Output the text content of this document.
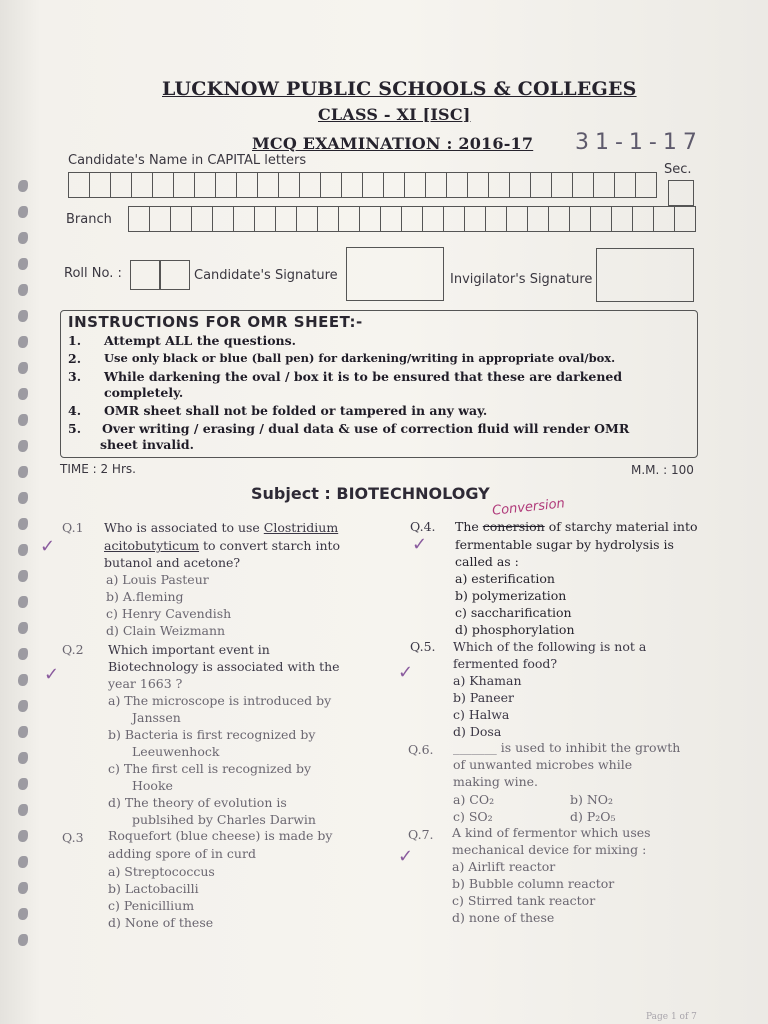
LUCKNOW PUBLIC SCHOOLS & COLLEGES
CLASS - XI [ISC]
MCQ EXAMINATION : 2016-17 31-1-17
Candidate's Name in CAPITAL letters
Sec.
Branch
Roll No. :	Candidate's Signature	Invigilator's Signature
INSTRUCTIONS FOR OMR SHEET:-
1. Attempt ALL the questions.
2. Use only black or blue (ball pen) for darkening/writing in appropriate oval/box.
3. While darkening the oval / box it is to be ensured that these are darkened
completely.
4. OMR sheet shall not be folded or tampered in any way.
5. Over writing / erasing / dual data & use of correction fluid will render OMR
sheet invalid.
TIME : 2 Hrs.	M.M. : 100
Subject : BIOTECHNOLOGY
Q.1
✓
Who is associated to use Clostridium
acitobutyticum to convert starch into
butanol and acetone?
a) Louis Pasteur
b) A.fleming
c) Henry Cavendish
d) Clain Weizmann
Q.2
✓
Which important event in
Biotechnology is associated with the
year 1663 ?
a) The microscope is introduced by
Janssen
b) Bacteria is first recognized by
Leeuwenhock
c) The first cell is recognized by
Hooke
d) The theory of evolution is
publsihed by Charles Darwin
Q.3 Roquefort (blue cheese) is made by
adding spore of in curd
a) Streptococcus
b) Lactobacilli
c) Penicillium
d) None of these
Conversion
Q.4.
✓
The conersion of starchy material into
fermentable sugar by hydrolysis is
called as :
a) esterification
b) polymerization
c) saccharification
d) phosphorylation
Q.5.
✓
Which of the following is not a
fermented food?
a) Khaman
b) Paneer
c) Halwa
d) Dosa
Q.6. _______ is used to inhibit the growth
of unwanted microbes while
making wine.
a) CO₂	b) NO₂
c) SO₂	d) P₂O₅
Q.7.
✓
A kind of fermentor which uses
mechanical device for mixing :
a) Airlift reactor
b) Bubble column reactor
c) Stirred tank reactor
d) none of these
Page 1 of 7
